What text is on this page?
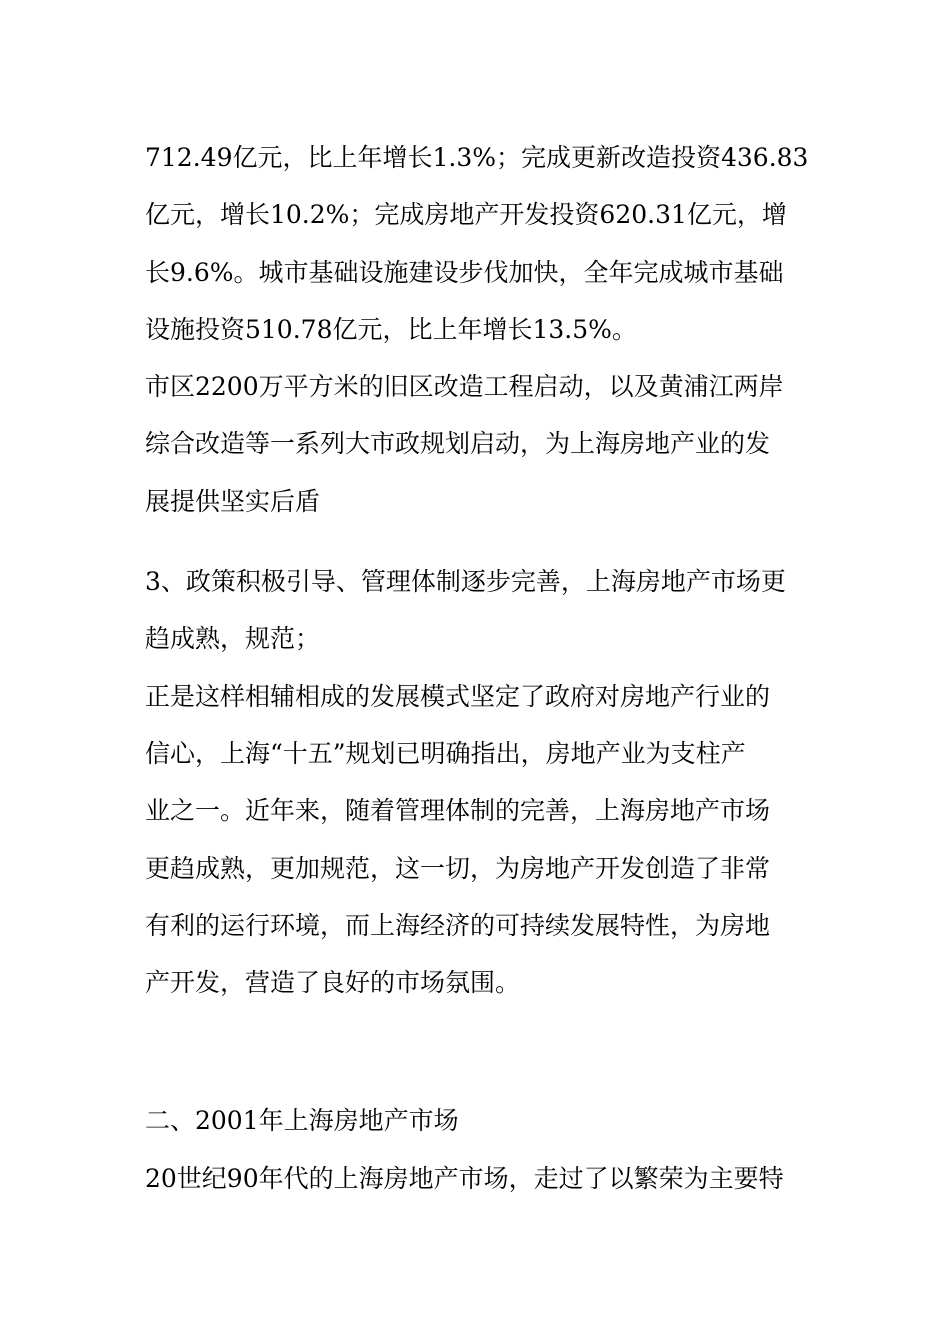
712.49亿元，比上年增长1.3%；完成更新改造投资436.83
亿元，增长10.2%；完成房地产开发投资620.31亿元，增
长9.6%。城市基础设施建设步伐加快，全年完成城市基础
设施投资510.78亿元，比上年增长13.5%。
市区2200万平方米的旧区改造工程启动，以及黄浦江两岸
综合改造等一系列大市政规划启动，为上海房地产业的发
展提供坚实后盾
3、政策积极引导、管理体制逐步完善，上海房地产市场更
趋成熟，规范；
正是这样相辅相成的发展模式坚定了政府对房地产行业的
信心，上海“十五”规划已明确指出，房地产业为支柱产
业之一。近年来，随着管理体制的完善，上海房地产市场
更趋成熟，更加规范，这一切，为房地产开发创造了非常
有利的运行环境，而上海经济的可持续发展特性，为房地
产开发，营造了良好的市场氛围。
二、2001年上海房地产市场
20世纪90年代的上海房地产市场，走过了以繁荣为主要特
